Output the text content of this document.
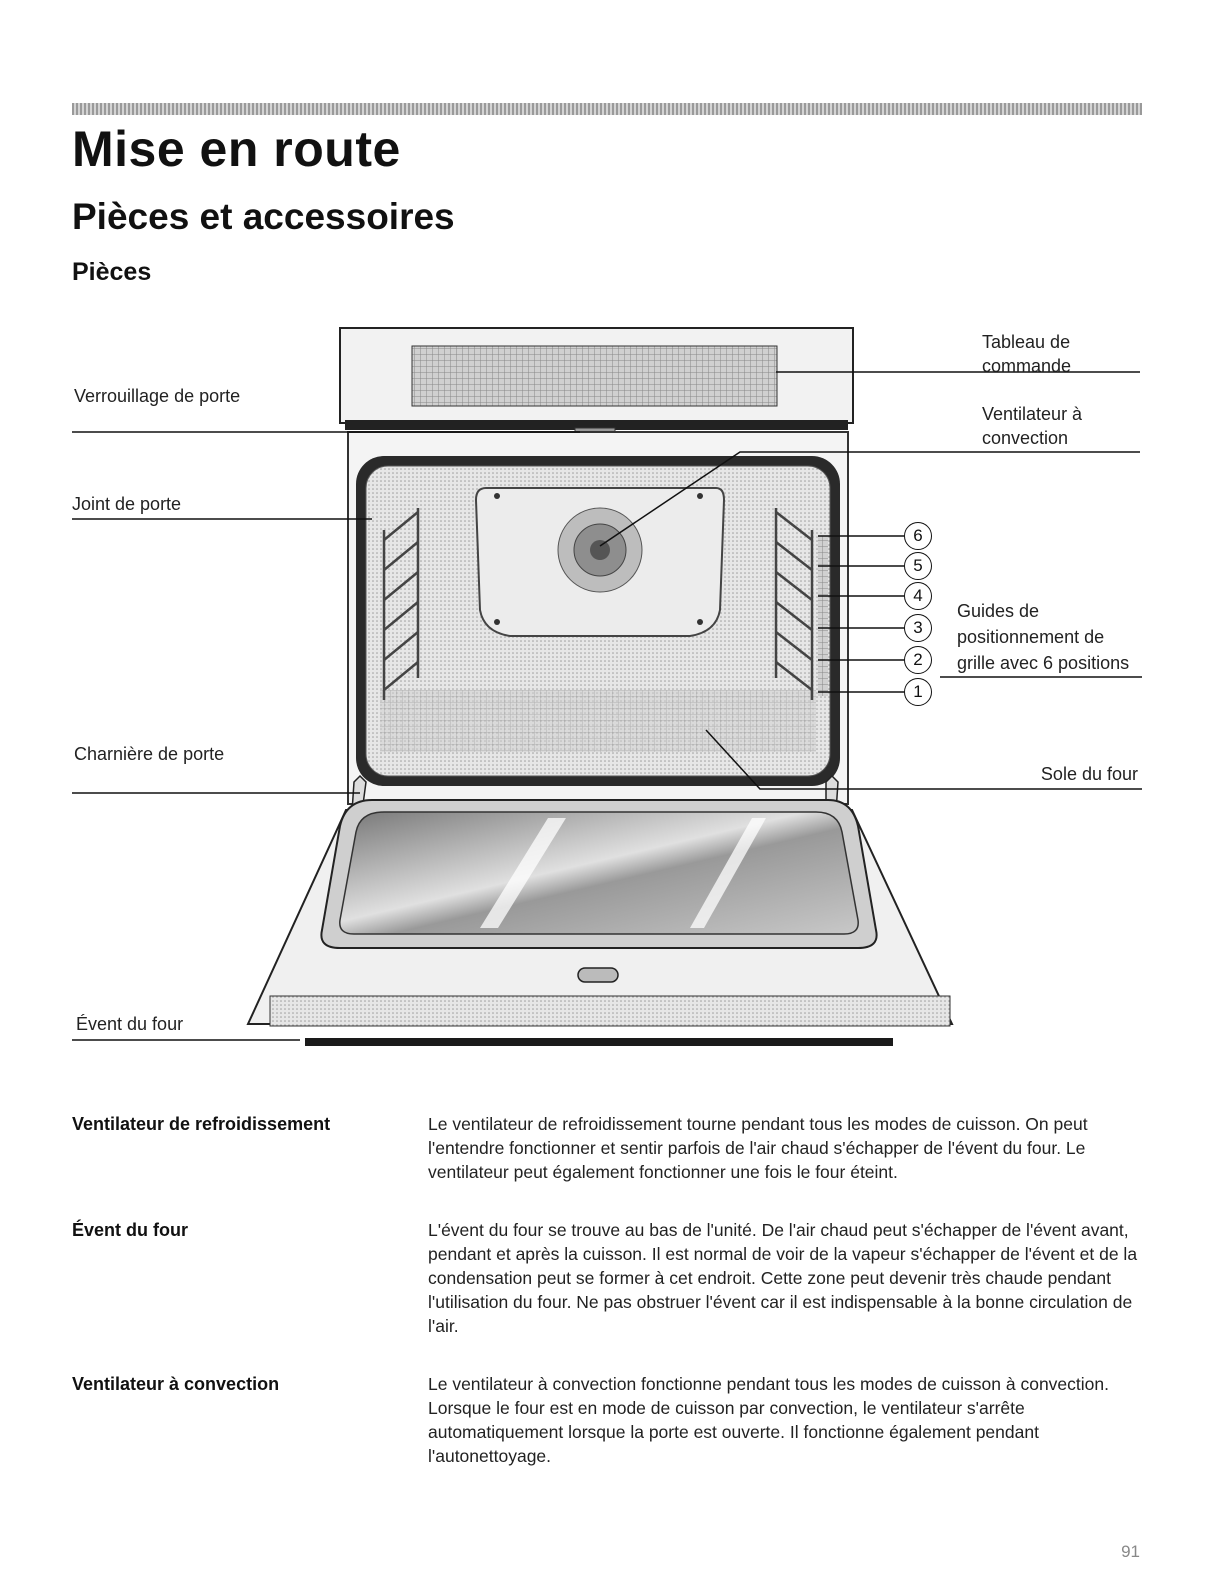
Mise en route
Pièces et accessoires
Pièces
Verrouillage de porte
Joint de porte
Charnière de porte
Évent du four
Tableau de commande
Ventilateur à convection
Guides de positionnement de grille avec 6 positions
Sole du four
6
5
4
3
2
1
Ventilateur de refroidissement	Le ventilateur de refroidissement tourne pendant tous les modes de cuisson. On peut l'entendre fonctionner et sentir parfois de l'air chaud s'échapper de l'évent du four. Le ventilateur peut également fonctionner une fois le four éteint.
Évent du four	L'évent du four se trouve au bas de l'unité. De l'air chaud peut s'échapper de l'évent avant, pendant et après la cuisson. Il est normal de voir de la vapeur s'échapper de l'évent et de la condensation peut se former à cet endroit. Cette zone peut devenir très chaude pendant l'utilisation du four. Ne pas obstruer l'évent car il est indispensable à la bonne circulation de l'air.
Ventilateur à convection	Le ventilateur à convection fonctionne pendant tous les modes de cuisson à convection. Lorsque le four est en mode de cuisson par convection, le ventilateur s'arrête automatiquement lorsque la porte est ouverte. Il fonctionne également pendant l'autonettoyage.
91
